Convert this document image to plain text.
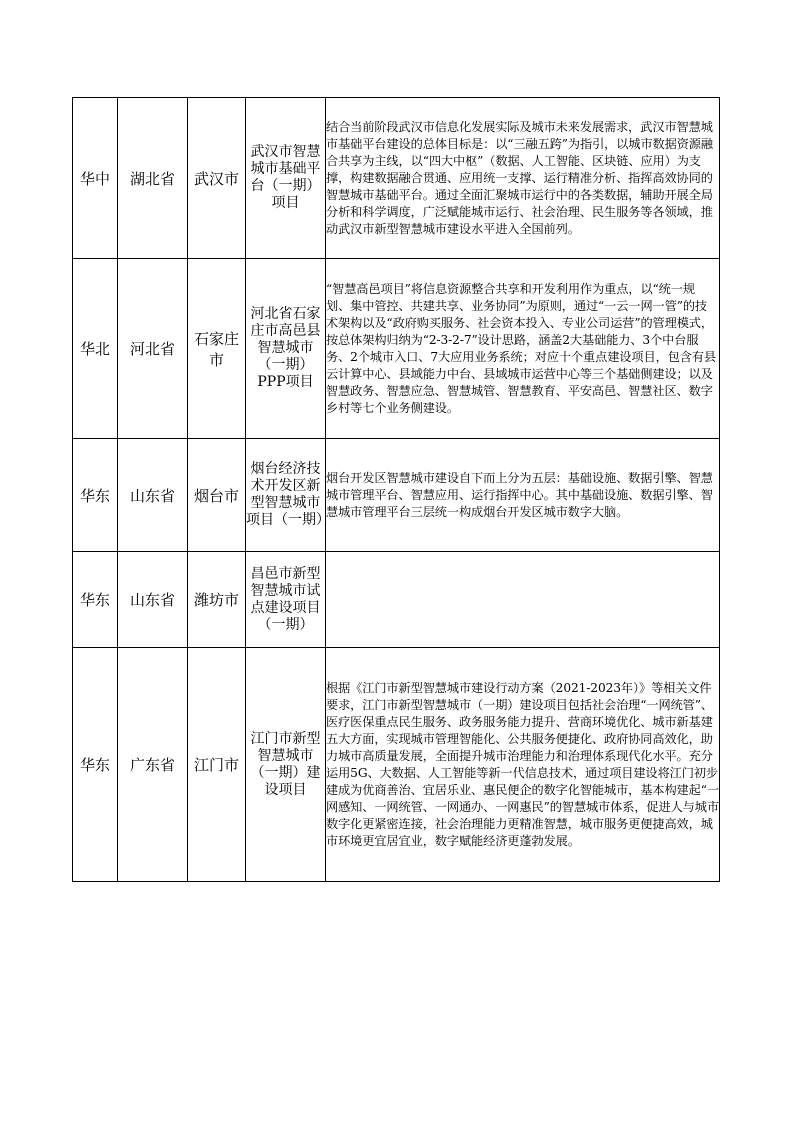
华中	湖北省	武汉市	武汉市智慧城市基础平台（一期）项目	结合当前阶段武汉市信息化发展实际及城市未来发展需求，武汉市智慧城市基础平台建设的总体目标是：以“三融五跨”为指引，以城市数据资源融合共享为主线，以“四大中枢”（数据、人工智能、区块链、应用）为支撑，构建数据融合贯通、应用统一支撑、运行精准分析、指挥高效协同的智慧城市基础平台。通过全面汇聚城市运行中的各类数据，辅助开展全局分析和科学调度，广泛赋能城市运行、社会治理、民生服务等各领域，推动武汉市新型智慧城市建设水平进入全国前列。
华北	河北省	石家庄市	河北省石家庄市高邑县智慧城市（一期）PPP项目	“智慧高邑项目”将信息资源整合共享和开发利用作为重点，以“统一规划、集中管控、共建共享、业务协同”为原则，通过“一云一网一管”的技术架构以及“政府购买服务、社会资本投入、专业公司运营”的管理模式，按总体架构归纳为“2-3-2-7”设计思路，涵盖2大基础能力、3个中台服务、2个城市入口、7大应用业务系统；对应十个重点建设项目，包含有县云计算中心、县域能力中台、县域城市运营中心等三个基础侧建设；以及智慧政务、智慧应急、智慧城管、智慧教育、平安高邑、智慧社区、数字乡村等七个业务侧建设。
华东	山东省	烟台市	烟台经济技术开发区新型智慧城市项目（一期）	烟台开发区智慧城市建设自下而上分为五层：基础设施、数据引擎、智慧城市管理平台、智慧应用、运行指挥中心。其中基础设施、数据引擎、智慧城市管理平台三层统一构成烟台开发区城市数字大脑。
华东	山东省	潍坊市	昌邑市新型智慧城市试点建设项目（一期）	
华东	广东省	江门市	江门市新型智慧城市（一期）建设项目	根据《江门市新型智慧城市建设行动方案（2021-2023年）》等相关文件要求，江门市新型智慧城市（一期）建设项目包括社会治理“一网统管”、医疗医保重点民生服务、政务服务能力提升、营商环境优化、城市新基建五大方面，实现城市管理智能化、公共服务便捷化、政府协同高效化，助力城市高质量发展，全面提升城市治理能力和治理体系现代化水平。充分运用5G、大数据、人工智能等新一代信息技术，通过项目建设将江门初步建成为优商善治、宜居乐业、惠民便企的数字化智能城市，基本构建起“一网感知、一网统管、一网通办、一网惠民”的智慧城市体系，促进人与城市数字化更紧密连接，社会治理能力更精准智慧，城市服务更便捷高效，城市环境更宜居宜业，数字赋能经济更蓬勃发展。
